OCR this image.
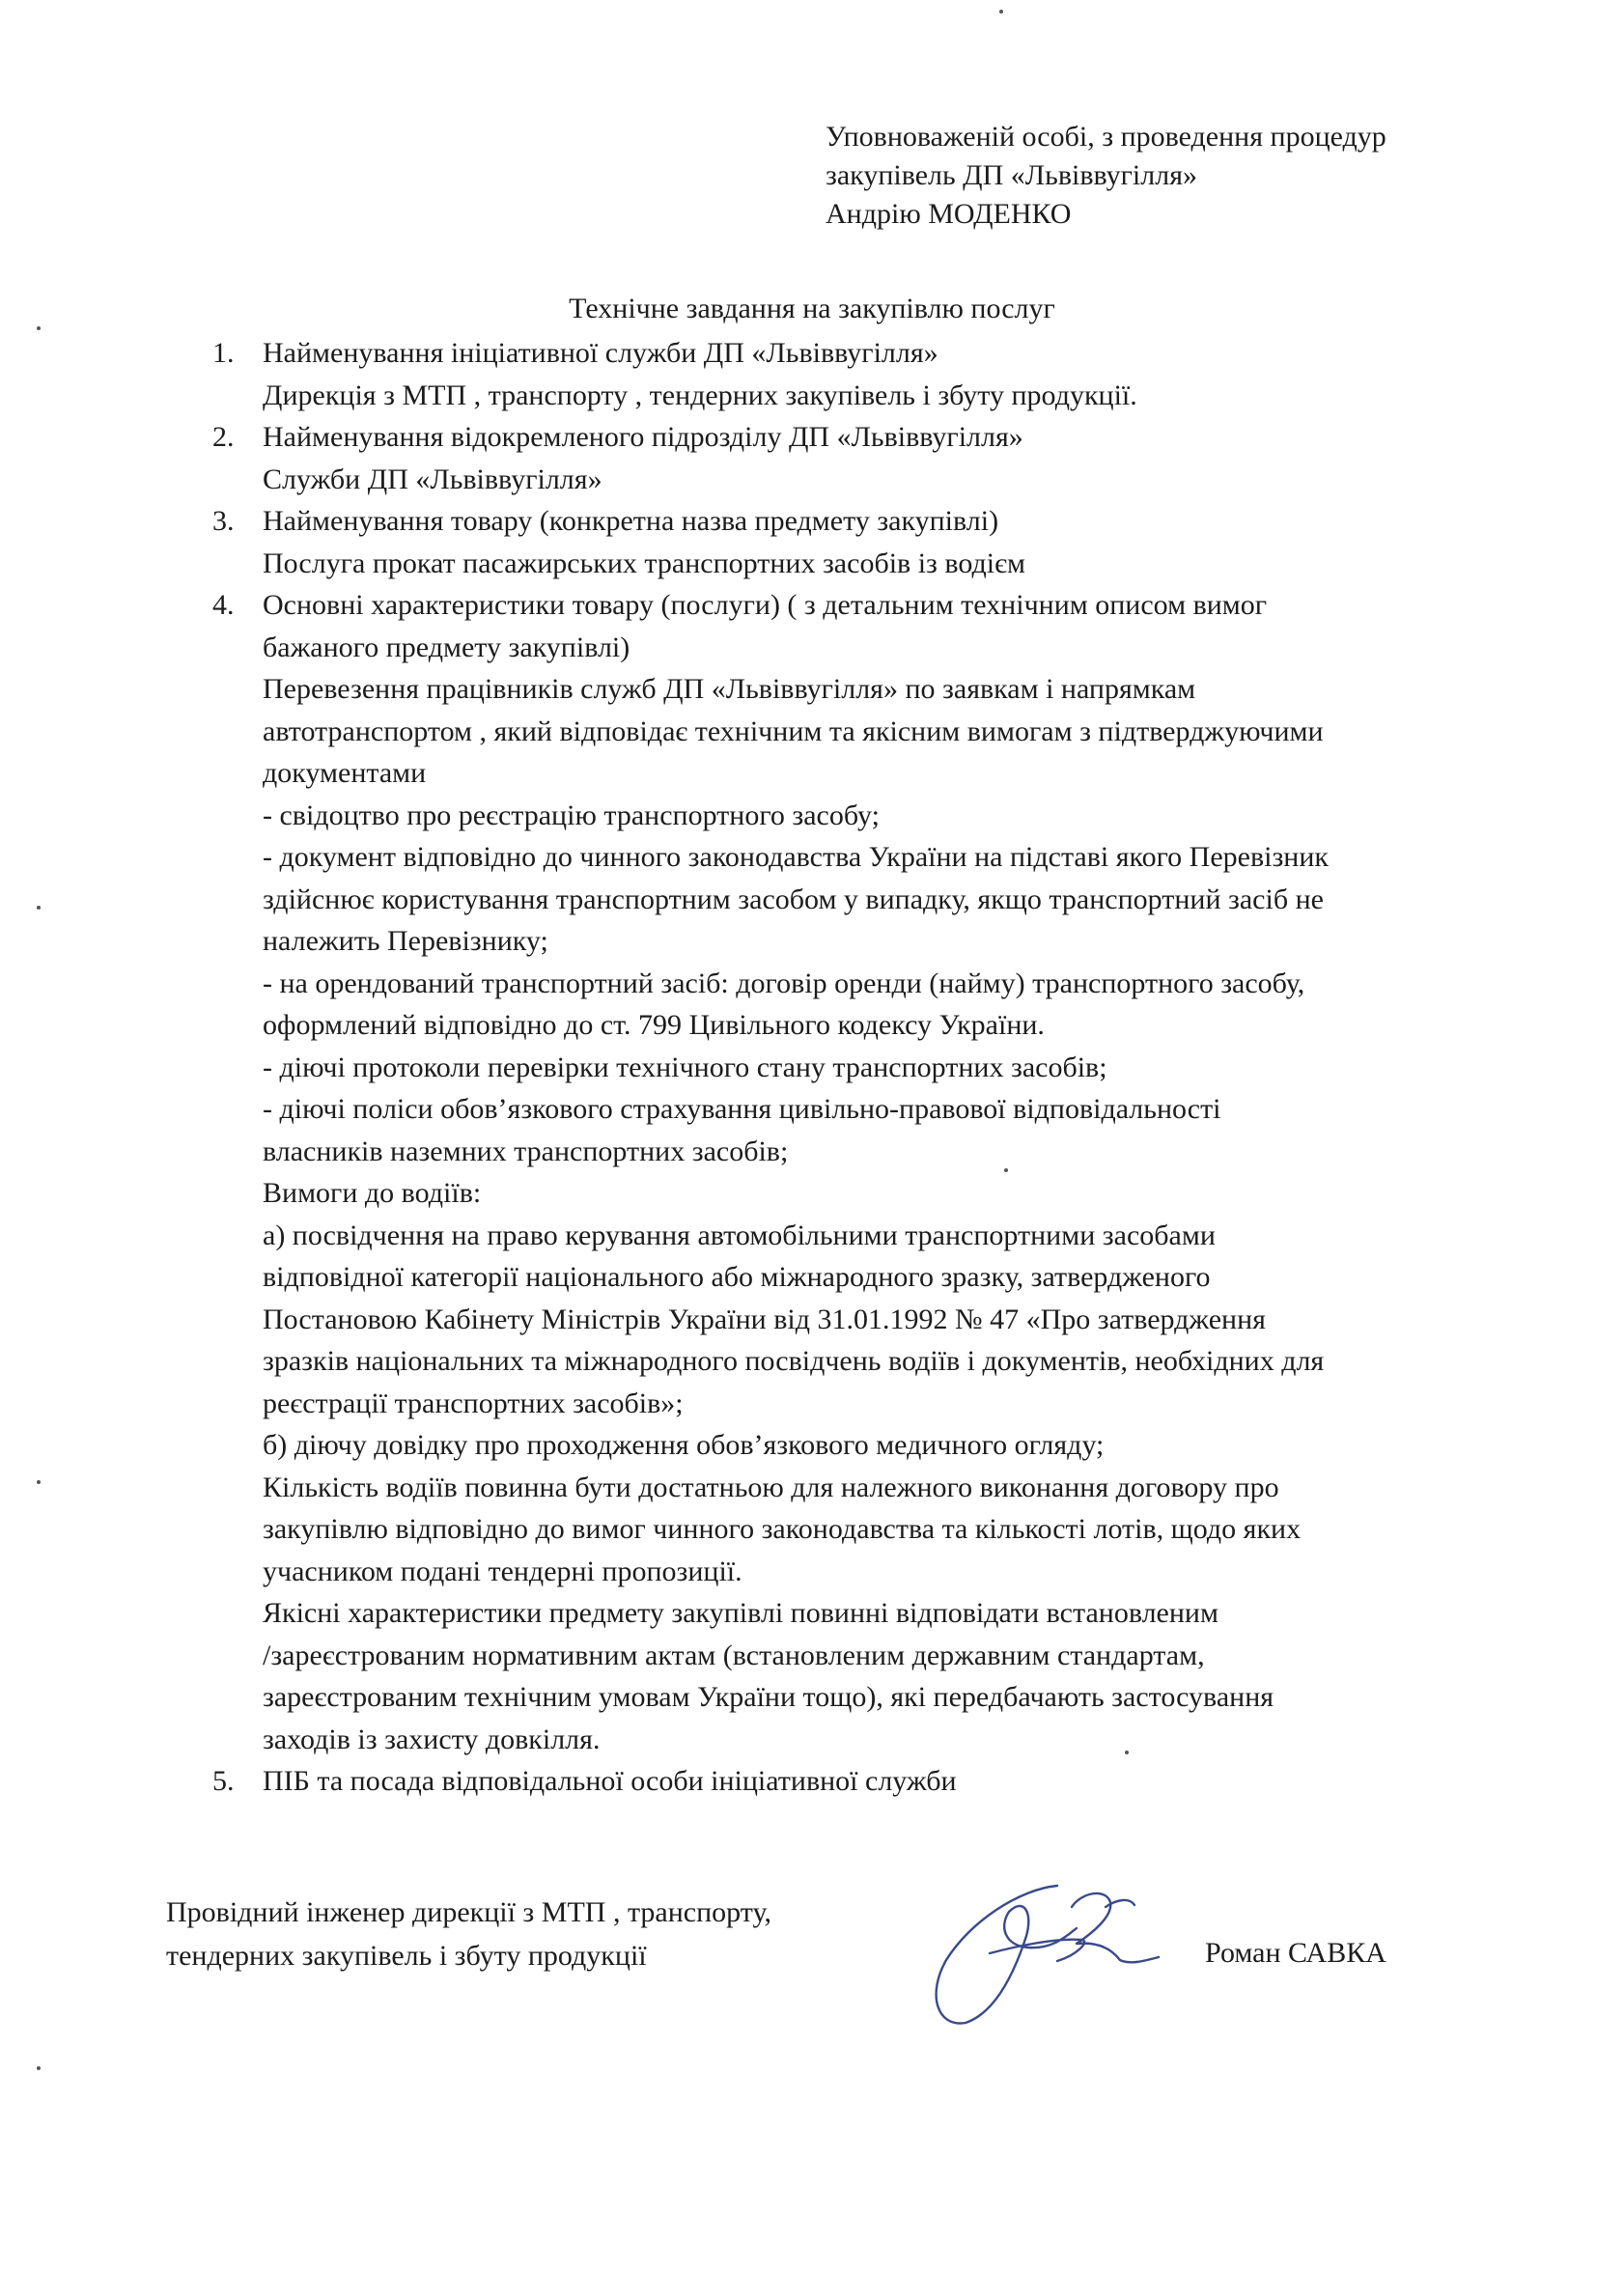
Уповноваженій особі, з проведення процедур
закупівель ДП «Львіввугілля»
Андрію МОДЕНКО
Технічне завдання на закупівлю послуг
1. Найменування ініціативної служби ДП «Львіввугілля»
Дирекція з МТП , транспорту , тендерних закупівель і збуту продукції.
2. Найменування відокремленого підрозділу ДП «Львіввугілля»
Служби ДП «Львіввугілля»
3. Найменування товару (конкретна назва предмету закупівлі)
Послуга прокат пасажирських транспортних засобів із водієм
4. Основні характеристики товару (послуги) ( з детальним технічним описом вимог
бажаного предмету закупівлі)
Перевезення працівників служб ДП «Львіввугілля» по заявкам і напрямкам
автотранспортом , який відповідає технічним та якісним вимогам з підтверджуючими
документами
- свідоцтво про реєстрацію транспортного засобу;
- документ відповідно до чинного законодавства України на підставі якого Перевізник
здійснює користування транспортним засобом у випадку, якщо транспортний засіб не
належить Перевізнику;
- на орендований транспортний засіб: договір оренди (найму) транспортного засобу,
оформлений відповідно до ст. 799 Цивільного кодексу України.
- діючі протоколи перевірки технічного стану транспортних засобів;
- діючі поліси обов’язкового страхування цивільно-правової відповідальності
власників наземних транспортних засобів;
Вимоги до водіїв:
а) посвідчення на право керування автомобільними транспортними засобами
відповідної категорії національного або міжнародного зразку, затвердженого
Постановою Кабінету Міністрів України від 31.01.1992 № 47 «Про затвердження
зразків національних та міжнародного посвідчень водіїв і документів, необхідних для
реєстрації транспортних засобів»;
б) діючу довідку про проходження обов’язкового медичного огляду;
Кількість водіїв повинна бути достатньою для належного виконання договору про
закупівлю відповідно до вимог чинного законодавства та кількості лотів, щодо яких
учасником подані тендерні пропозиції.
Якісні характеристики предмету закупівлі повинні відповідати встановленим
/зареєстрованим нормативним актам (встановленим державним стандартам,
зареєстрованим технічним умовам України тощо), які передбачають застосування
заходів із захисту довкілля.
5. ПІБ та посада відповідальної особи ініціативної служби
Провідний інженер дирекції з МТП , транспорту,
тендерних закупівель і збуту продукції	Роман САВКА
